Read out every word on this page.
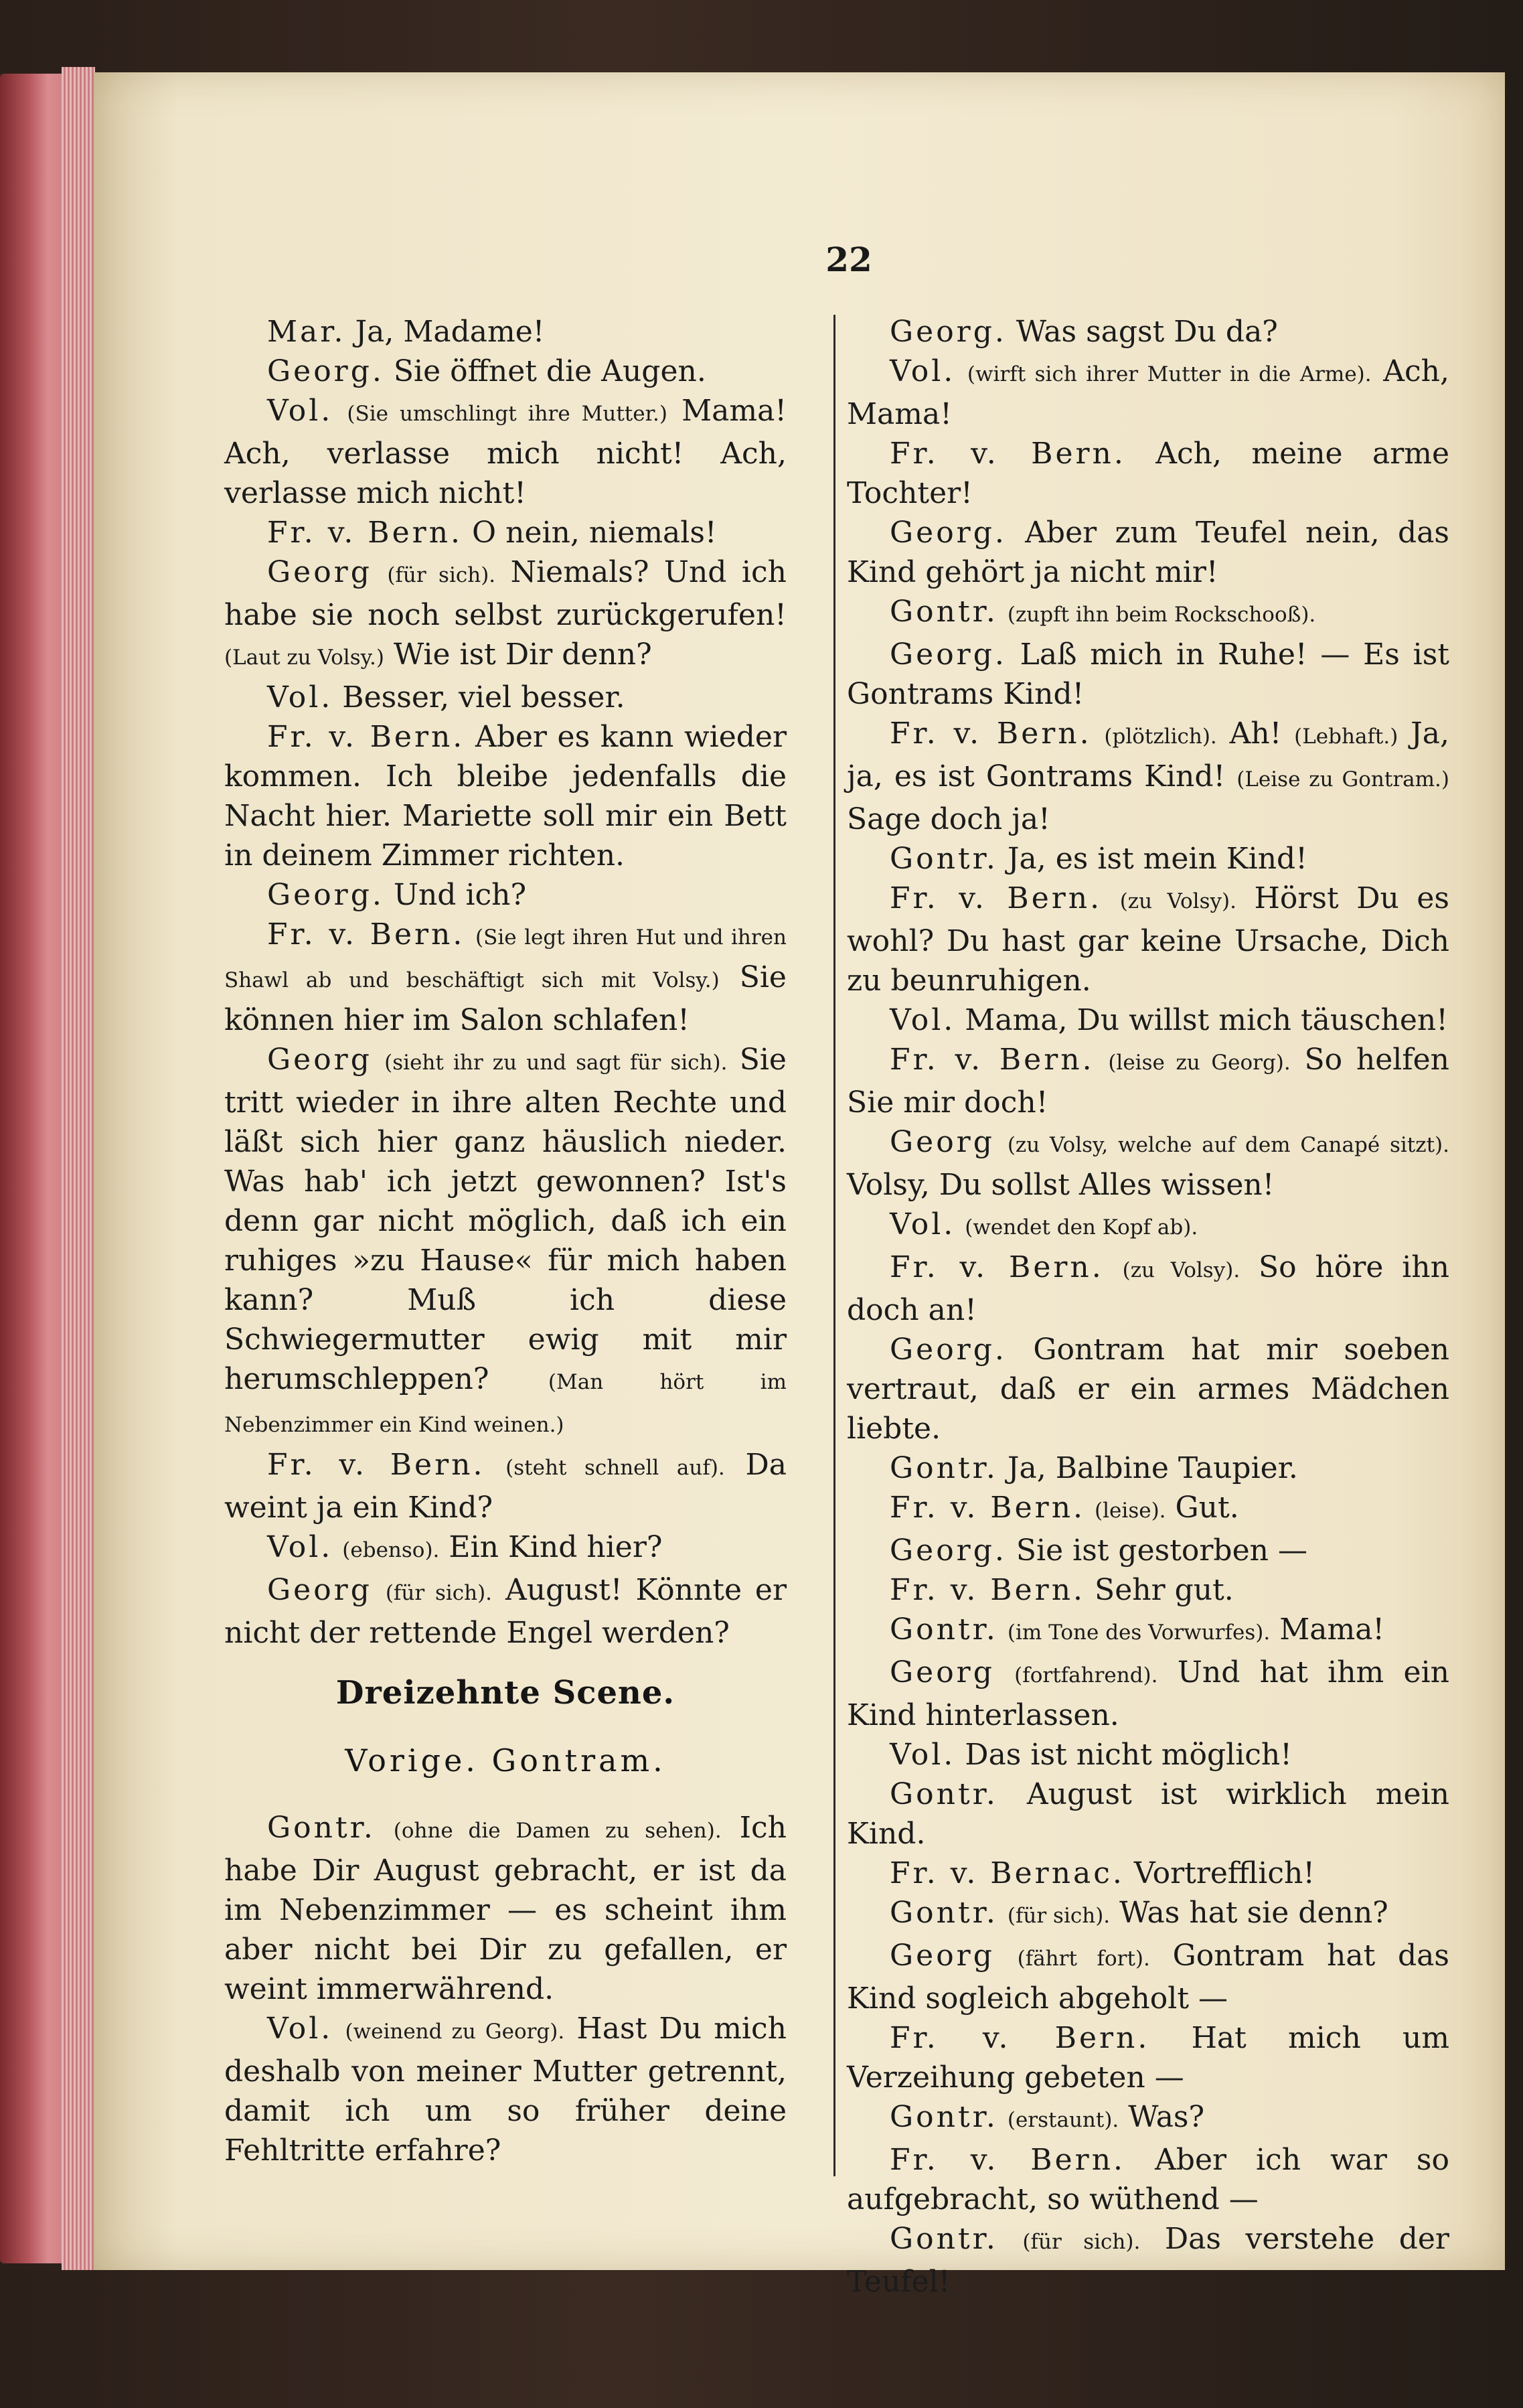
22

Mar. Ja, Madame!

Georg. Sie öffnet die Augen.

Vol. (Sie umschlingt ihre Mutter.) Mama! Ach, verlasse mich nicht! Ach, verlasse mich nicht!

Fr. v. Bern. O nein, niemals!

Georg (für sich). Niemals? Und ich habe sie noch selbst zurückgerufen! (Laut zu Volsy.) Wie ist Dir denn?

Vol. Besser, viel besser.

Fr. v. Bern. Aber es kann wieder kommen. Ich bleibe jedenfalls die Nacht hier. Mariette soll mir ein Bett in deinem Zimmer richten.

Georg. Und ich?

Fr. v. Bern. (Sie legt ihren Hut und ihren Shawl ab und beschäftigt sich mit Volsy.) Sie können hier im Salon schlafen!

Georg (sieht ihr zu und sagt für sich). Sie tritt wieder in ihre alten Rechte und läßt sich hier ganz häuslich nieder. Was hab' ich jetzt gewonnen? Ist's denn gar nicht möglich, daß ich ein ruhiges »zu Hause« für mich haben kann? Muß ich diese Schwiegermutter ewig mit mir herumschleppen?	(Man hört im Nebenzimmer ein Kind weinen.)

Fr. v. Bern. (steht schnell auf). Da weint ja ein Kind?

Vol. (ebenso). Ein Kind hier?

Georg (für sich). August! Könnte er nicht der rettende Engel werden?

Dreizehnte Scene.
Vorige. Gontram.

Gontr. (ohne die Damen zu sehen). Ich habe Dir August gebracht, er ist da im Nebenzimmer — es scheint ihm aber nicht bei Dir zu gefallen, er weint immerwährend.

Vol. (weinend zu Georg). Hast Du mich deshalb von meiner Mutter getrennt, damit ich um so früher deine Fehltritte erfahre?

Georg. Was sagst Du da?

Vol. (wirft sich ihrer Mutter in die Arme). Ach, Mama!

Fr. v. Bern. Ach, meine arme Tochter!

Georg. Aber zum Teufel nein, das Kind gehört ja nicht mir!

Gontr. (zupft ihn beim Rockschooß).

Georg. Laß mich in Ruhe! — Es ist Gontrams Kind!

Fr. v. Bern. (plötzlich). Ah! (Lebhaft.) Ja, ja, es ist Gontrams Kind! (Leise zu Gontram.) Sage doch ja!

Gontr. Ja, es ist mein Kind!

Fr. v. Bern. (zu Volsy). Hörst Du es wohl? Du hast gar keine Ursache, Dich zu beunruhigen.

Vol. Mama, Du willst mich täuschen!

Fr. v. Bern. (leise zu Georg). So helfen Sie mir doch!

Georg (zu Volsy, welche auf dem Canapé sitzt). Volsy, Du sollst Alles wissen!

Vol. (wendet den Kopf ab).

Fr. v. Bern. (zu Volsy). So höre ihn doch an!

Georg. Gontram hat mir soeben vertraut, daß er ein armes Mädchen liebte.

Gontr. Ja, Balbine Taupier.

Fr. v. Bern. (leise). Gut.

Georg. Sie ist gestorben —

Fr. v. Bern. Sehr gut.

Gontr. (im Tone des Vorwurfes). Mama!

Georg (fortfahrend). Und hat ihm ein Kind hinterlassen.

Vol. Das ist nicht möglich!

Gontr. August ist wirklich mein Kind.

Fr. v. Bernac. Vortrefflich!

Gontr. (für sich). Was hat sie denn?

Georg (fährt fort). Gontram hat das Kind sogleich abgeholt —

Fr. v. Bern. Hat mich um Verzeihung gebeten —

Gontr. (erstaunt). Was?

Fr. v. Bern. Aber ich war so aufgebracht, so wüthend —

Gontr. (für sich). Das verstehe der Teufel!
